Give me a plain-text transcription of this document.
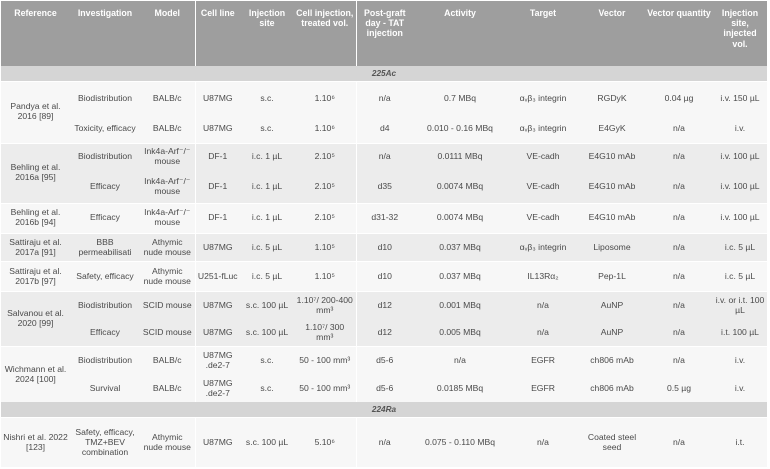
Reference	Investigation	Model	Cell line	Injection site	Cell injection, treated vol.	Post-graft day - TAT injection	Activity	Target	Vector	Vector quantity	Injection site, injected vol.
225Ac											
Pandya et al. 2016 [89]	Biodistribution	BALB/c	U87MG	s.c.	1.10⁶	n/a	0.7 MBq	αᵥβ₃ integrin	RGDyK	0.04 µg	i.v. 150 µL
	Toxicity, efficacy	BALB/c	U87MG	s.c.	1.10⁶	d4	0.010 - 0.16 MBq	αᵥβ₃ integrin	E4GyK	n/a	i.v.
Behling et al. 2016a [95]	Biodistribution	Ink4a-Arf⁻/⁻ mouse	DF-1	i.c. 1 µL	2.10⁵	n/a	0.0111 MBq	VE-cadh	E4G10 mAb	n/a	i.v. 100 µL
	Efficacy	Ink4a-Arf⁻/⁻ mouse	DF-1	i.c. 1 µL	2.10⁵	d35	0.0074 MBq	VE-cadh	E4G10 mAb	n/a	i.v. 100 µL
Behling et al. 2016b [94]	Efficacy	Ink4a-Arf⁻/⁻ mouse	DF-1	i.c. 1 µL	2.10⁵	d31-32	0.0074 MBq	VE-cadh	E4G10 mAb	n/a	i.v. 100 µL
Sattiraju et al. 2017a [91]	BBB permeabilisati	Athymic nude mouse	U87MG	i.c. 5 µL	1.10⁵	d10	0.037 MBq	αᵥβ₃ integrin	Liposome	n/a	i.c. 5 µL
Sattiraju et al. 2017b [97]	Safety, efficacy	Athymic nude mouse	U251-fLuc	i.c. 5 µL	1.10⁵	d10	0.037 MBq	IL13Rα₂	Pep-1L	n/a	i.c. 5 µL
Salvanou et al. 2020 [99]	Biodistribution	SCID mouse	U87MG	s.c. 100 µL	1.10⁷/ 200-400 mm³	d12	0.001 MBq	n/a	AuNP	n/a	i.v. or i.t. 100 µL
	Efficacy	SCID mouse	U87MG	s.c. 100 µL	1.10⁷/ 300 mm³	d12	0.005 MBq	n/a	AuNP	n/a	i.t. 100 µL
Wichmann et al. 2024 [100]	Biodistribution	BALB/c	U87MG .de2-7	s.c.	50 - 100 mm³	d5-6	n/a	EGFR	ch806 mAb	n/a	i.v.
	Survival	BALB/c	U87MG .de2-7	s.c.	50 - 100 mm³	d5-6	0.0185 MBq	EGFR	ch806 mAb	0.5 µg	i.v.
224Ra											
Nishri et al. 2022 [123]	Safety, efficacy, TMZ+BEV combination	Athymic nude mouse	U87MG	s.c. 100 µL	5.10⁶	n/a	0.075 - 0.110 MBq	n/a	Coated steel seed	n/a	i.t.
